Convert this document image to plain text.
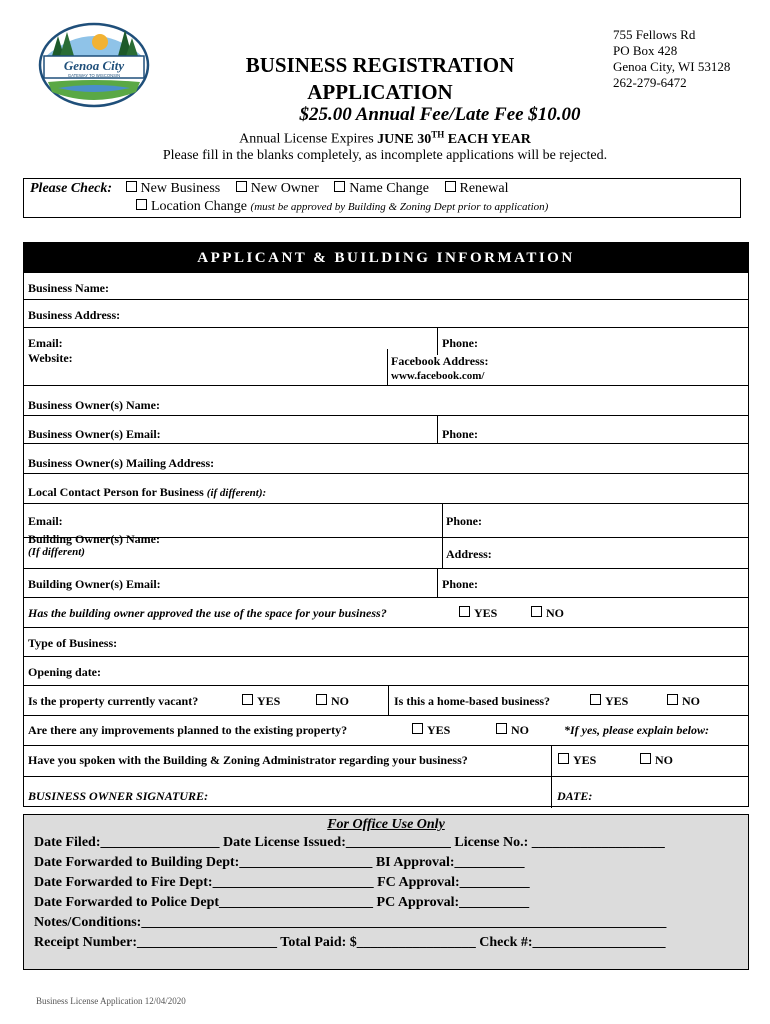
Genoa City
GATEWAY TO WISCONSIN	BUSINESS REGISTRATION
APPLICATION
755 Fellows Rd
PO Box 428
Genoa City, WI 53128
262-279-6472
$25.00 Annual Fee/Late Fee $10.00
Annual License Expires JUNE 30TH EACH YEAR
Please fill in the blanks completely, as incomplete applications will be rejected.
Please Check: New Business New Owner Name Change Renewal
Location Change (must be approved by Building & Zoning Dept prior to application)
APPLICANT & BUILDING INFORMATION
Business Name:
Business Address:
Email:	Phone:
Website:	Facebook Address:
www.facebook.com/
Business Owner(s) Name:
Business Owner(s) Email:	Phone:
Business Owner(s) Mailing Address:
Local Contact Person for Business (if different):
Email:	Phone:
Building Owner(s) Name:
(If different)	Address:
Building Owner(s) Email:	Phone:
Has the building owner approved the use of the space for your business?	YES	NO
Type of Business:
Opening date:
Is the property currently vacant?	YES	NO	Is this a home-based business?	YES	NO
Are there any improvements planned to the existing property?	YES	NO	*If yes, please explain below:
Have you spoken with the Building & Zoning Administrator regarding your business?	YES	NO
BUSINESS OWNER SIGNATURE:	DATE:
For Office Use Only
Date Filed:_________________ Date License Issued:_______________ License No.: ___________________
Date Forwarded to Building Dept:___________________ BI Approval:__________
Date Forwarded to Fire Dept:_______________________ FC Approval:__________
Date Forwarded to Police Dept______________________ PC Approval:__________
Notes/Conditions:___________________________________________________________________________
Receipt Number:____________________ Total Paid: $_________________ Check #:___________________
Business License Application 12/04/2020
